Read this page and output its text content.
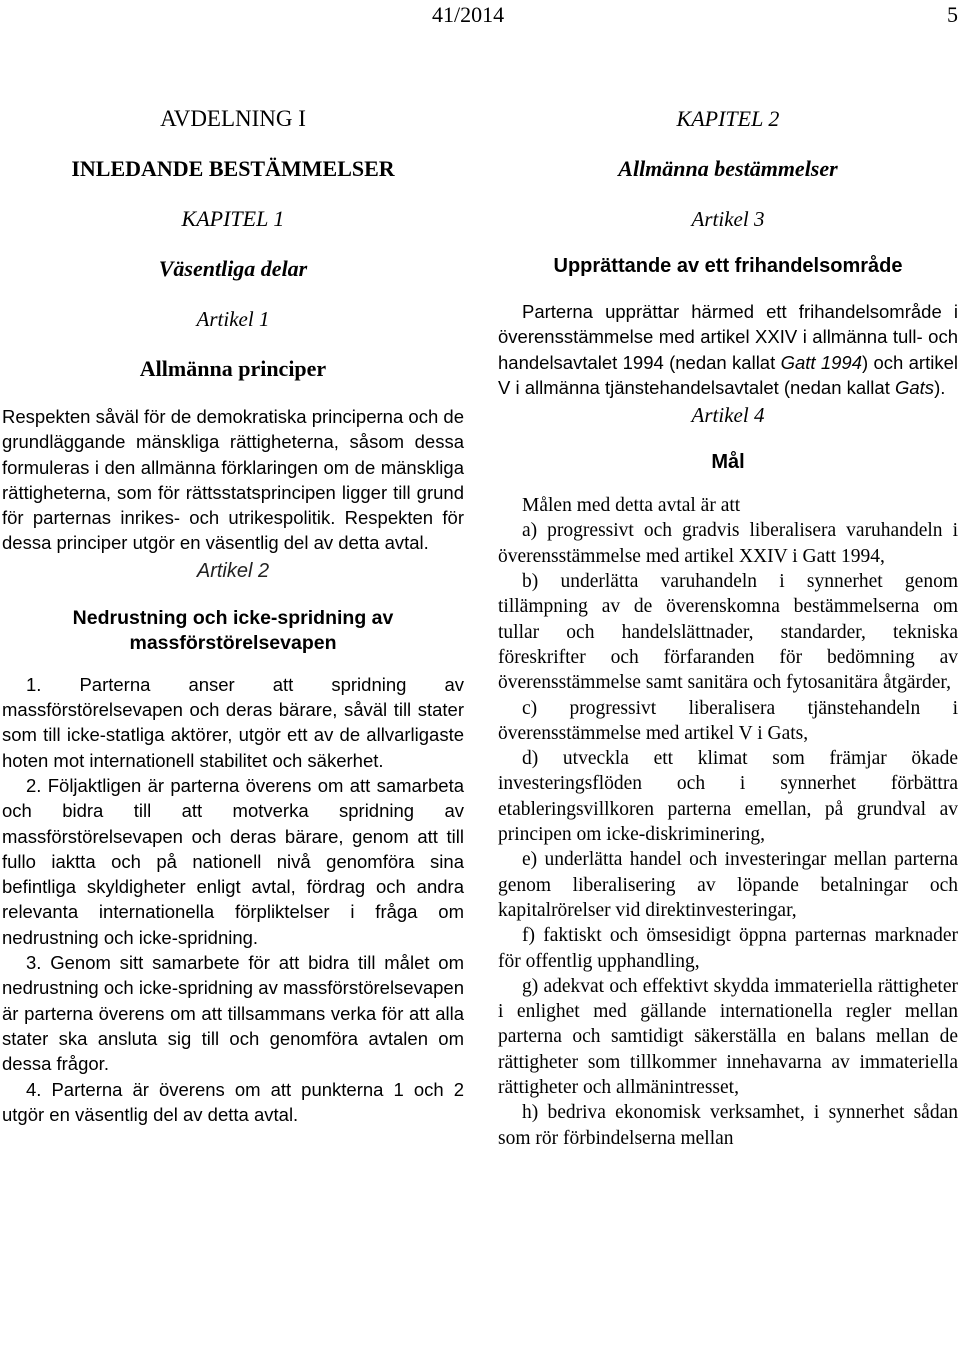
41/2014	5

AVDELNING I

INLEDANDE BESTÄMMELSER

KAPITEL 1

Väsentliga delar

Artikel 1

Allmänna principer

Respekten såväl för de demokratiska principerna och de grundläggande mänskliga rättigheterna, såsom dessa formuleras i den allmänna förklaringen om de mänskliga rättigheterna, som för rättsstatsprincipen ligger till grund för parternas inrikes- och utrikespolitik. Respekten för dessa principer utgör en väsentlig del av detta avtal.

Artikel 2

Nedrustning och icke-spridning av massförstörelsevapen

1. Parterna anser att spridning av massförstörelsevapen och deras bärare, såväl till stater som till icke-statliga aktörer, utgör ett av de allvarligaste hoten mot internationell stabilitet och säkerhet.

2. Följaktligen är parterna överens om att samarbeta och bidra till att motverka spridning av massförstörelsevapen och deras bärare, genom att till fullo iaktta och på nationell nivå genomföra sina befintliga skyldigheter enligt avtal, fördrag och andra relevanta internationella förpliktelser i fråga om nedrustning och icke-spridning.

3. Genom sitt samarbete för att bidra till målet om nedrustning och icke-spridning av massförstörelsevapen är parterna överens om att tillsammans verka för att alla stater ska ansluta sig till och genomföra avtalen om dessa frågor.

4. Parterna är överens om att punkterna 1 och 2 utgör en väsentlig del av detta avtal.

KAPITEL 2

Allmänna bestämmelser

Artikel 3

Upprättande av ett frihandelsområde

Parterna upprättar härmed ett frihandelsområde i överensstämmelse med artikel XXIV i allmänna tull- och handelsavtalet 1994 (nedan kallat Gatt 1994) och artikel V i allmänna tjänstehandelsavtalet (nedan kallat Gats).

Artikel 4

Mål

Målen med detta avtal är att

a) progressivt och gradvis liberalisera varuhandeln i överensstämmelse med artikel XXIV i Gatt 1994,

b) underlätta varuhandeln i synnerhet genom tillämpning av de överenskomna bestämmelserna om tullar och handelslättnader, standarder, tekniska föreskrifter och förfaranden för bedömning av överensstämmelse samt sanitära och fytosanitära åtgärder,

c) progressivt liberalisera tjänstehandeln i överensstämmelse med artikel V i Gats,

d) utveckla ett klimat som främjar ökade investeringsflöden och i synnerhet förbättra etableringsvillkoren parterna emellan, på grundval av principen om icke-diskriminering,

e) underlätta handel och investeringar mellan parterna genom liberalisering av löpande betalningar och kapitalrörelser vid direktinvesteringar,

f) faktiskt och ömsesidigt öppna parternas marknader för offentlig upphandling,

g) adekvat och effektivt skydda immateriella rättigheter i enlighet med gällande internationella regler mellan parterna och samtidigt säkerställa en balans mellan de rättigheter som tillkommer innehavarna av immateriella rättigheter och allmänintresset,

h) bedriva ekonomisk verksamhet, i synnerhet sådan som rör förbindelserna mellan
